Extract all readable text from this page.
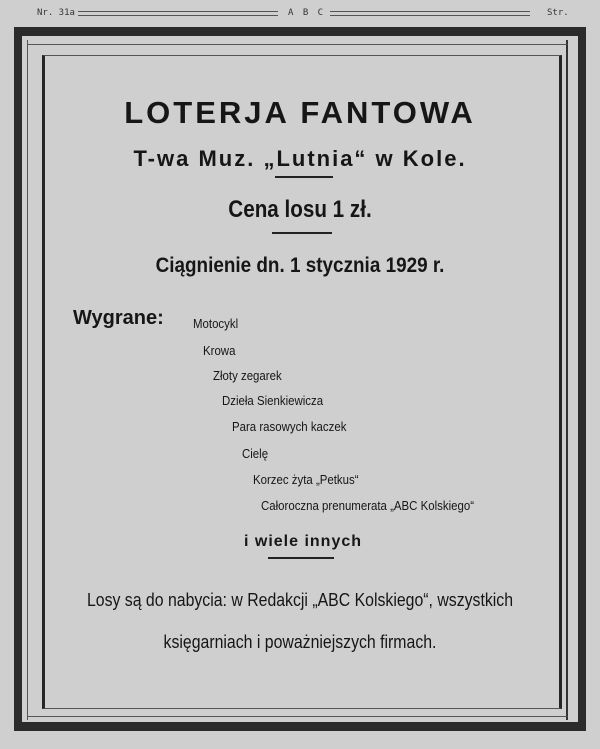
Nr. 31a	A B C	Str.
LOTERJA FANTOWA
T-wa Muz. „Lutnia“ w Kole.
Cena losu 1 zł.
Ciągnienie dn. 1 stycznia 1929 r.
Wygrane: Motocykl
Krowa
Złoty zegarek
Dzieła Sienkiewicza
Para rasowych kaczek
Cielę
Korzec żyta „Petkus“
Całoroczna prenumerata „ABC Kolskiego“
i wiele innych
Losy są do nabycia: w Redakcji „ABC Kolskiego“, wszystkich
księgarniach i poważniejszych firmach.
